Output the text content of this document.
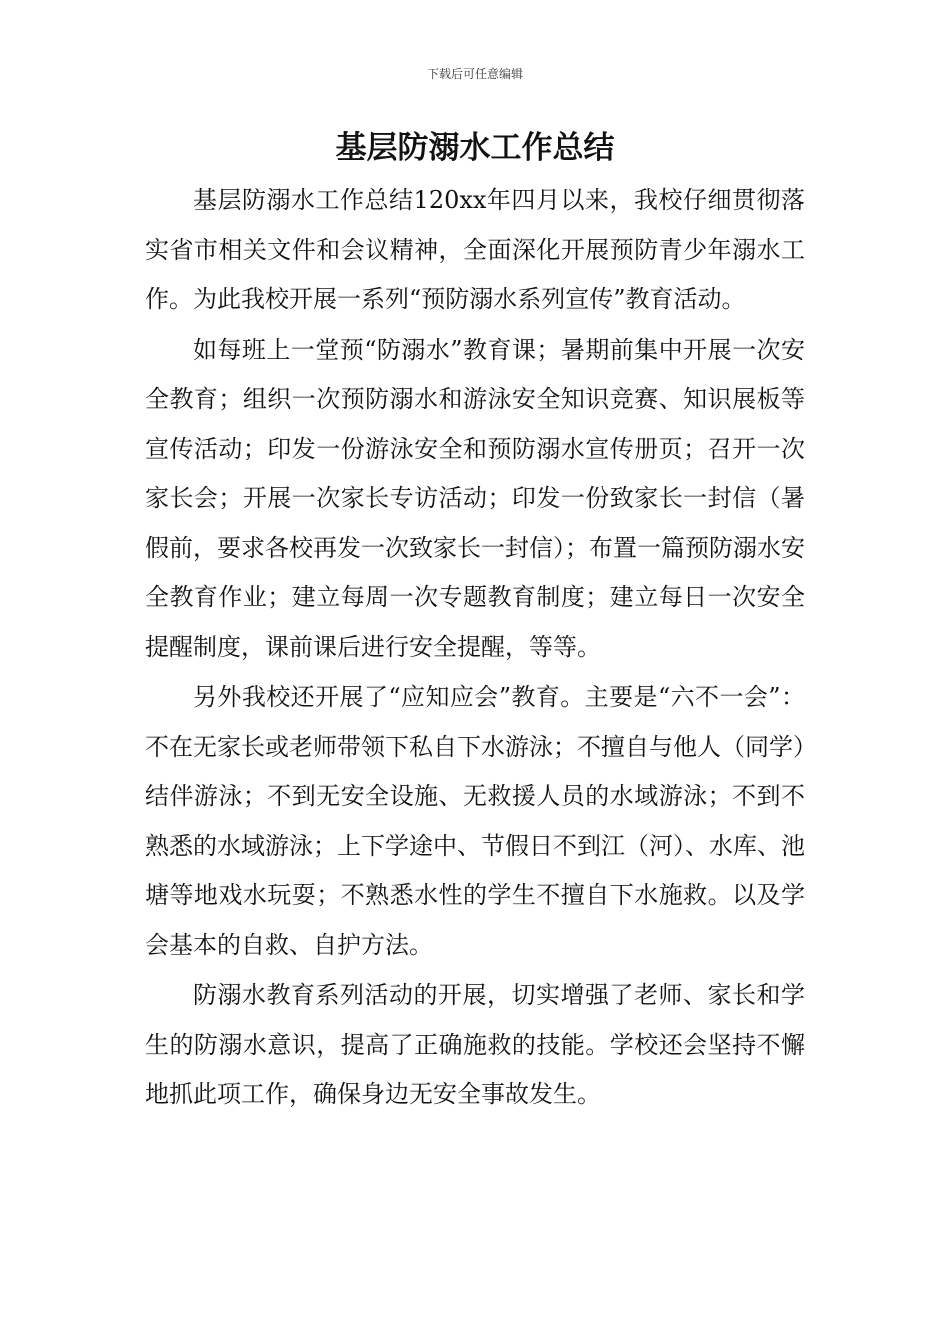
下载后可任意编辑
基层防溺水工作总结

基层防溺水工作总结120xx年四月以来，我校仔细贯彻落实省市相关文件和会议精神，全面深化开展预防青少年溺水工作。为此我校开展一系列“预防溺水系列宣传”教育活动。

如每班上一堂预“防溺水”教育课；暑期前集中开展一次安全教育；组织一次预防溺水和游泳安全知识竞赛、知识展板等宣传活动；印发一份游泳安全和预防溺水宣传册页；召开一次家长会；开展一次家长专访活动；印发一份致家长一封信（暑假前，要求各校再发一次致家长一封信）；布置一篇预防溺水安全教育作业；建立每周一次专题教育制度；建立每日一次安全提醒制度，课前课后进行安全提醒，等等。

另外我校还开展了“应知应会”教育。主要是“六不一会”：不在无家长或老师带领下私自下水游泳；不擅自与他人（同学）结伴游泳；不到无安全设施、无救援人员的水域游泳；不到不熟悉的水域游泳；上下学途中、节假日不到江（河）、水库、池塘等地戏水玩耍；不熟悉水性的学生不擅自下水施救。以及学会基本的自救、自护方法。

防溺水教育系列活动的开展，切实增强了老师、家长和学生的防溺水意识，提高了正确施救的技能。学校还会坚持不懈地抓此项工作，确保身边无安全事故发生。
